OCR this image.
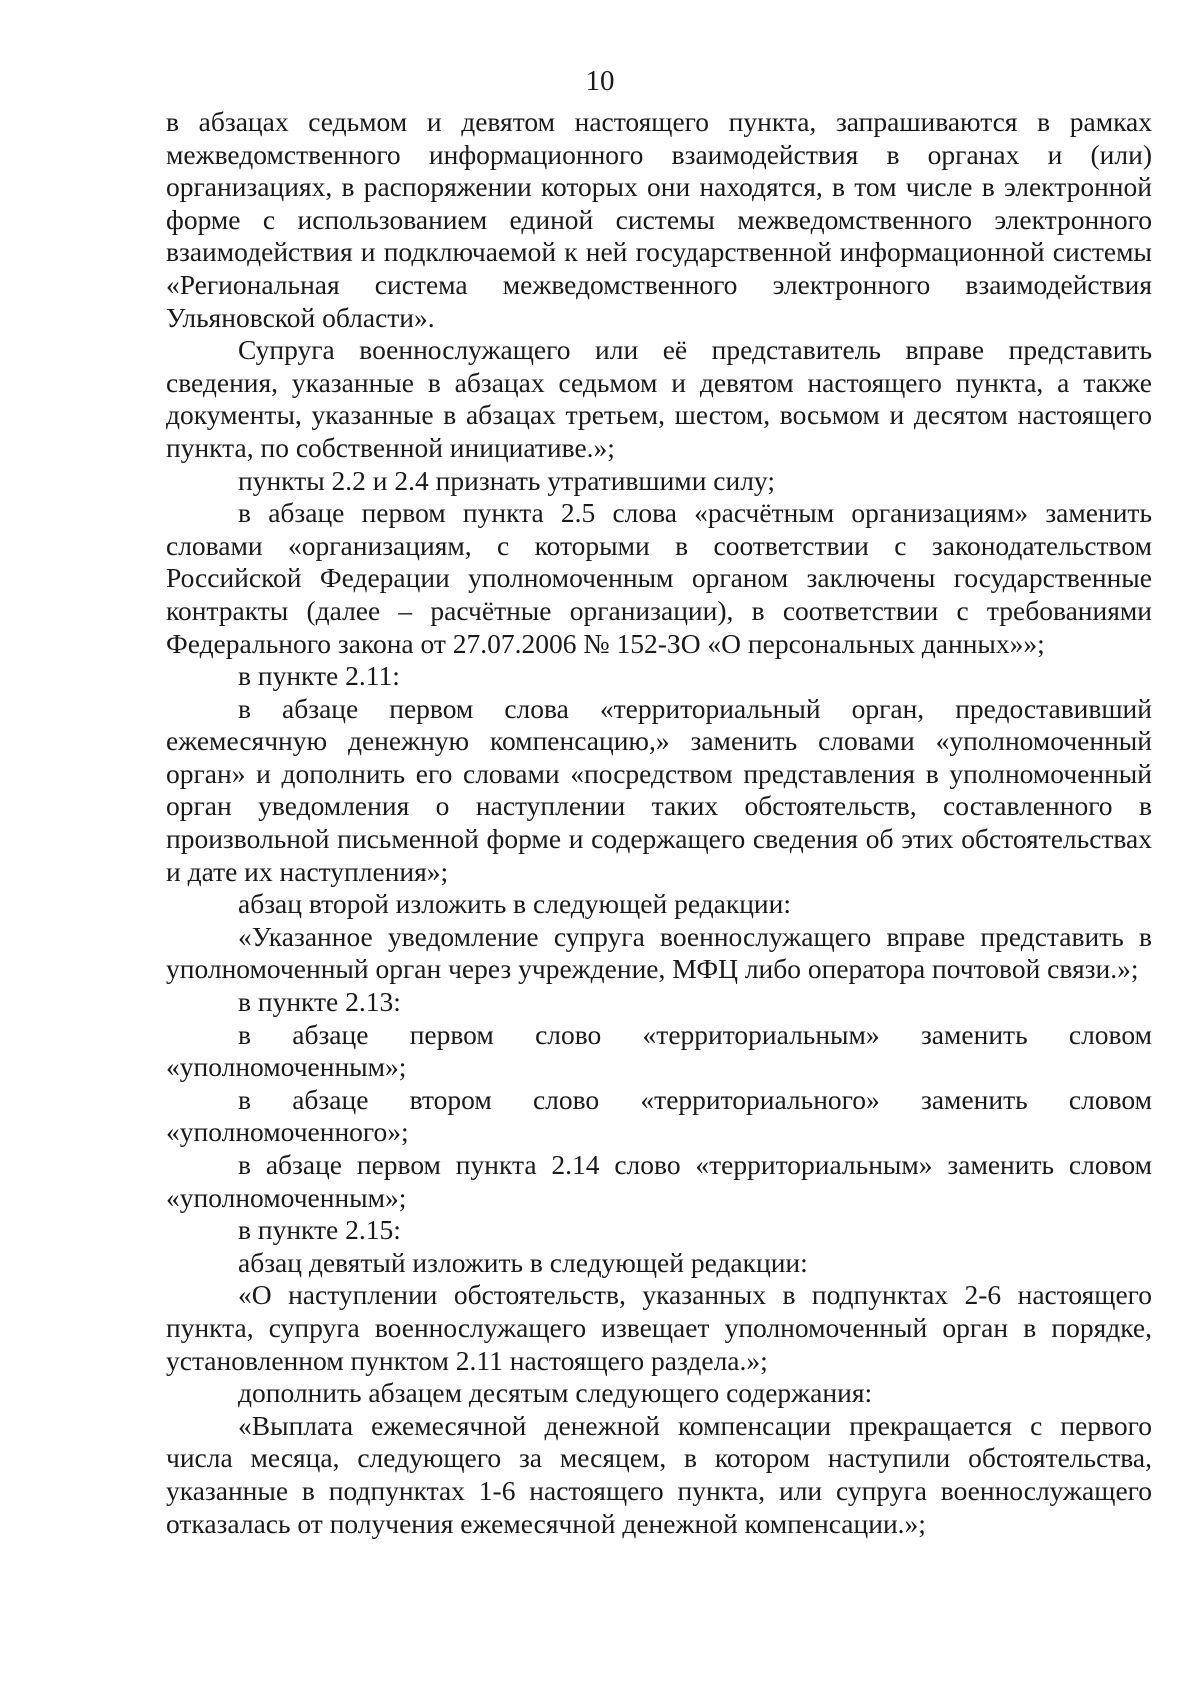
10

в абзацах седьмом и девятом настоящего пункта, запрашиваются в рамках межведомственного информационного взаимодействия в органах и (или) организациях, в распоряжении которых они находятся, в том числе в электронной форме с использованием единой системы межведомственного электронного взаимодействия и подключаемой к ней государственной информационной системы «Региональная система межведомственного электронного взаимодействия Ульяновской области».

Супруга военнослужащего или её представитель вправе представить сведения, указанные в абзацах седьмом и девятом настоящего пункта, а также документы, указанные в абзацах третьем, шестом, восьмом и десятом настоящего пункта, по собственной инициативе.»;

пункты 2.2 и 2.4 признать утратившими силу;

в абзаце первом пункта 2.5 слова «расчётным организациям» заменить словами «организациям, с которыми в соответствии с законодательством Российской Федерации уполномоченным органом заключены государственные контракты (далее – расчётные организации), в соответствии с требованиями Федерального закона от 27.07.2006 № 152-ЗО «О персональных данных»»;

в пункте 2.11:

в абзаце первом слова «территориальный орган, предоставивший ежемесячную денежную компенсацию,» заменить словами «уполномоченный орган» и дополнить его словами «посредством представления в уполномоченный орган уведомления о наступлении таких обстоятельств, составленного в произвольной письменной форме и содержащего сведения об этих обстоятельствах и дате их наступления»;

абзац второй изложить в следующей редакции:

«Указанное уведомление супруга военнослужащего вправе представить в уполномоченный орган через учреждение, МФЦ либо оператора почтовой связи.»;

в пункте 2.13:

в абзаце первом слово «территориальным» заменить словом «уполномоченным»;

в абзаце втором слово «территориального» заменить словом «уполномоченного»;

в абзаце первом пункта 2.14 слово «территориальным» заменить словом «уполномоченным»;

в пункте 2.15:

абзац девятый изложить в следующей редакции:

«О наступлении обстоятельств, указанных в подпунктах 2-6 настоящего пункта, супруга военнослужащего извещает уполномоченный орган в порядке, установленном пунктом 2.11 настоящего раздела.»;

дополнить абзацем десятым следующего содержания:

«Выплата ежемесячной денежной компенсации прекращается с первого числа месяца, следующего за месяцем, в котором наступили обстоятельства, указанные в подпунктах 1-6 настоящего пункта, или супруга военнослужащего отказалась от получения ежемесячной денежной компенсации.»;
